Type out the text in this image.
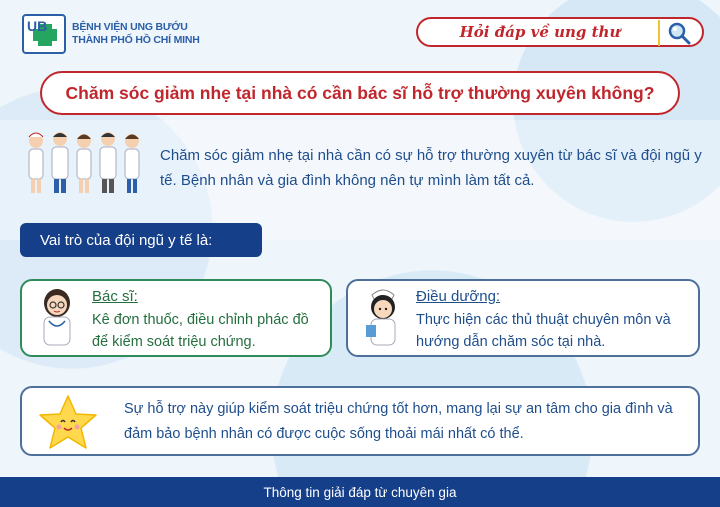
UB BỆNH VIỆN UNG BƯỚU
THÀNH PHỐ HỒ CHÍ MINH	Hỏi đáp về ung thư
Chăm sóc giảm nhẹ tại nhà có cần bác sĩ hỗ trợ thường xuyên không?
Chăm sóc giảm nhẹ tại nhà cần có sự hỗ trợ thường xuyên từ bác sĩ và đội ngũ y tế. Bệnh nhân và gia đình không nên tự mình làm tất cả.
Vai trò của đội ngũ y tế là:
Bác sĩ:
Kê đơn thuốc, điều chỉnh phác đồ để kiểm soát triệu chứng.
Điều dưỡng:
Thực hiện các thủ thuật chuyên môn và hướng dẫn chăm sóc tại nhà.
Sự hỗ trợ này giúp kiểm soát triệu chứng tốt hơn, mang lại sự an tâm cho gia đình và đảm bảo bệnh nhân có được cuộc sống thoải mái nhất có thể.
Thông tin giải đáp từ chuyên gia
